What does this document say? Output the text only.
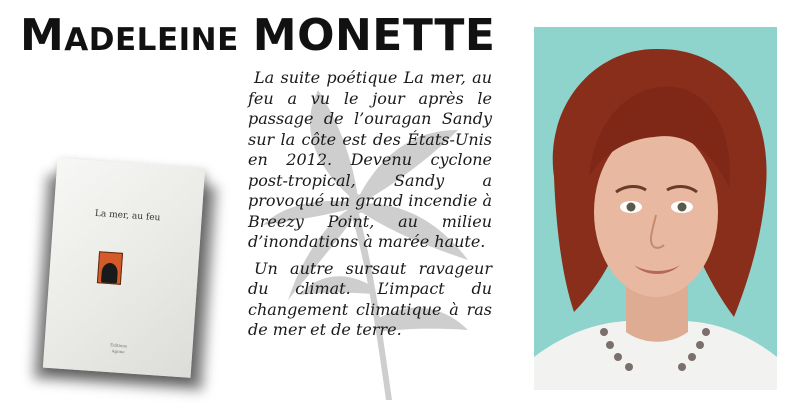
Madeleine MONETTE
La mer, au feu
Éditions
Agone

La suite poétique La mer, au feu a vu le jour après le passage de l’ouragan Sandy sur la côte est des États-Unis en 2012. Devenu cyclone post-tropical, Sandy a provoqué un grand incendie à Breezy Point, au milieu d’inondations à marée haute.

Un autre sursaut ravageur du climat. L’impact du changement climatique à ras de mer et de terre.
